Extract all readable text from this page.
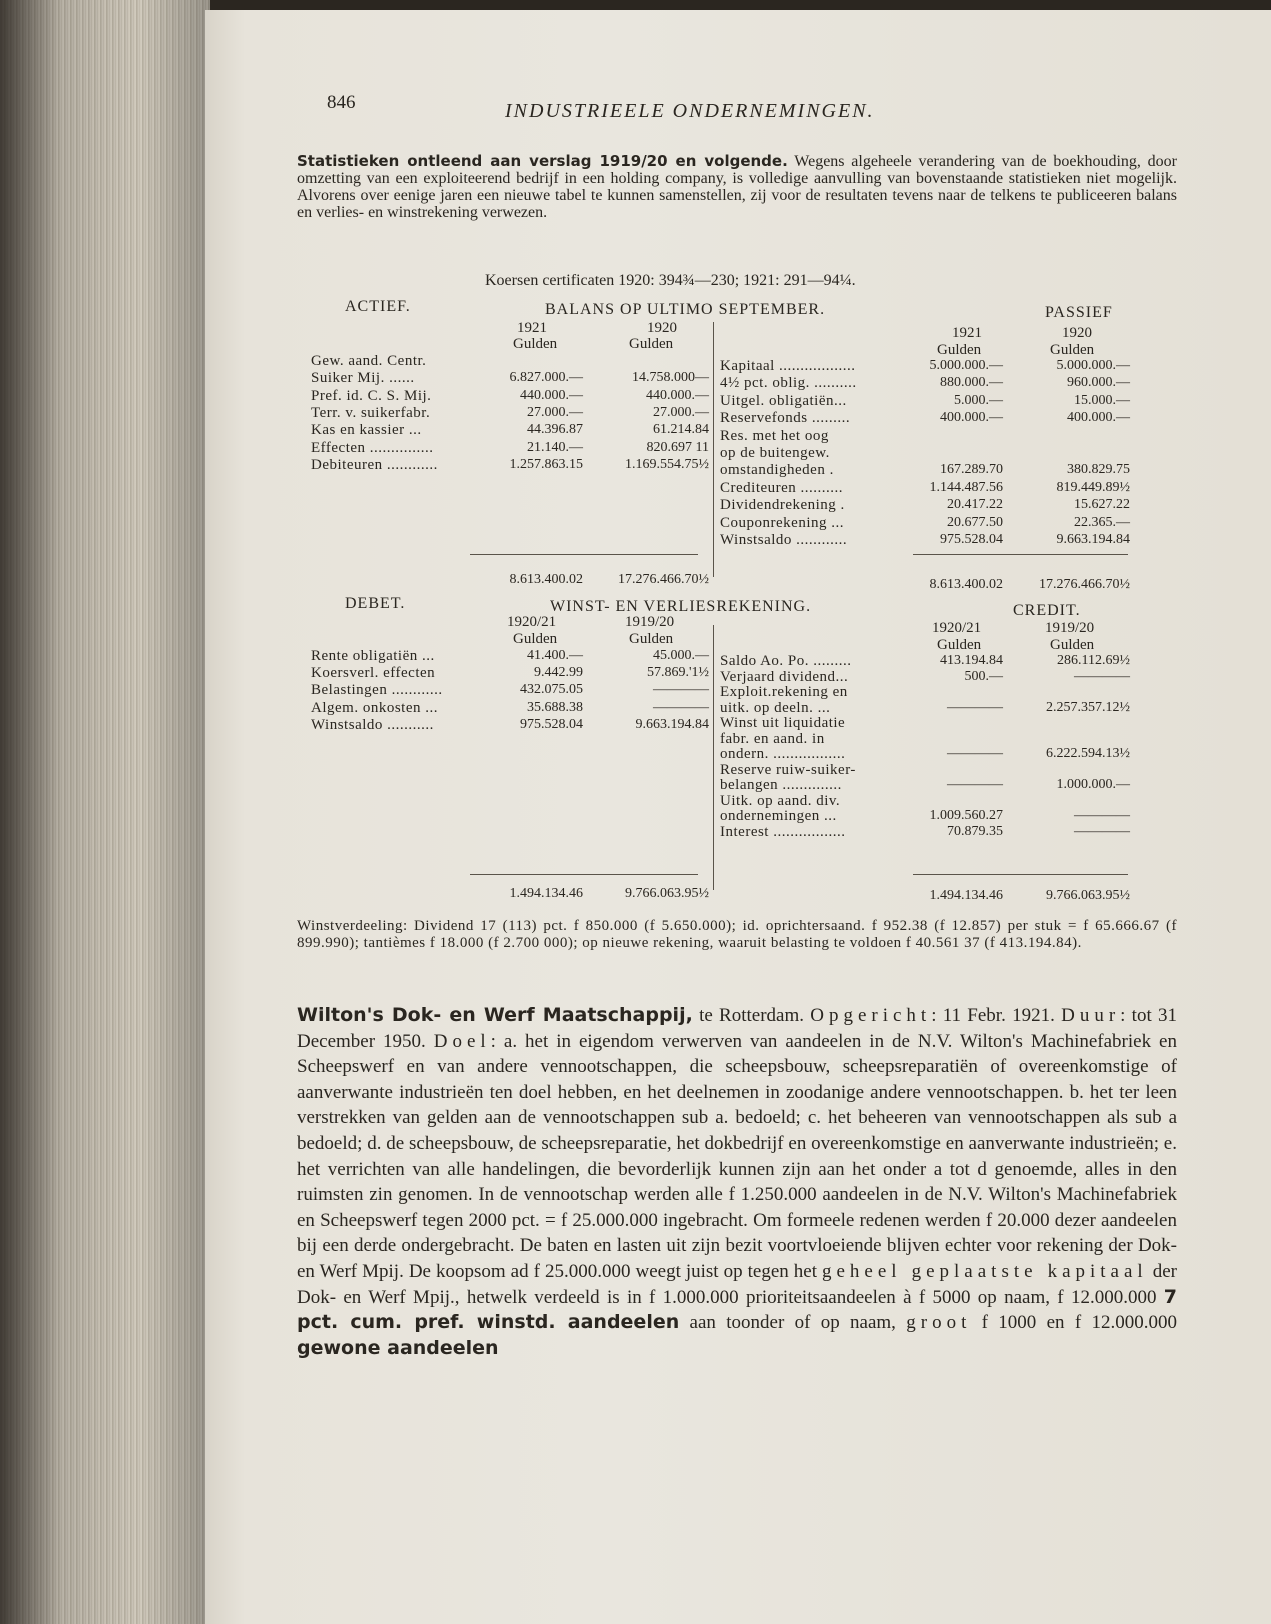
846	INDUSTRIEELE ONDERNEMINGEN.
Statistieken ontleend aan verslag 1919/20 en volgende. Wegens algeheele verandering van de boekhouding, door omzetting van een exploiteerend bedrijf in een holding company, is volledige aanvulling van bovenstaande statistieken niet mogelijk. Alvorens over eenige jaren een nieuwe tabel te kunnen samenstellen, zij voor de resultaten tevens naar de telkens te publiceeren balans en verlies- en winstrekening verwezen.
Koersen certificaten 1920: 394¾—230; 1921: 291—94¼.
ACTIEF.	BALANS OP ULTIMO SEPTEMBER.	PASSIEF
1921	1920
Gulden	Gulden
1921	1920
Gulden	Gulden
Gew. aand. Centr.
Suiker Mij. ......	6.827.000.—	14.758.000—
Pref. id. C. S. Mij.	440.000.—	440.000.—
Terr. v. suikerfabr.	27.000.—	27.000.—
Kas en kassier ...	44.396.87	61.214.84
Effecten ...............	21.140.—	820.697 11
Debiteuren ............	1.257.863.15	1.169.554.75½
Kapitaal ..................	5.000.000.—	5.000.000.—
4½ pct. oblig. ..........	880.000.—	960.000.—
Uitgel. obligatiën...	5.000.—	15.000.—
Reservefonds .........	400.000.—	400.000.—
Res. met het oog
op de buitengew.
omstandigheden .	167.289.70	380.829.75
Crediteuren ..........	1.144.487.56	819.449.89½
Dividendrekening .	20.417.22	15.627.22
Couponrekening ...	20.677.50	22.365.—
Winstsaldo ............	975.528.04	9.663.194.84
8.613.400.02	17.276.466.70½	8.613.400.02	17.276.466.70½
DEBET.	WINST- EN VERLIESREKENING.	CREDIT.
1920/21	1919/20
Gulden	Gulden
1920/21	1919/20
Gulden	Gulden
Rente obligatiën ...	41.400.—	45.000.—
Koersverl. effecten	9.442.99	57.869.'1½
Belastingen ............	432.075.05	————
Algem. onkosten ...	35.688.38	————
Winstsaldo ...........	975.528.04	9.663.194.84
Saldo Ao. Po. .........	413.194.84	286.112.69½
Verjaard dividend...	500.—	————
Exploit.rekening en
uitk. op deeln. ...	————	2.257.357.12½
Winst uit liquidatie
fabr. en aand. in
ondern. .................	————	6.222.594.13½
Reserve ruiw-suiker-
belangen ..............	————	1.000.000.—
Uitk. op aand. div.
ondernemingen ...	1.009.560.27	————
Interest .................	70.879.35	————
1.494.134.46	9.766.063.95½	1.494.134.46	9.766.063.95½
Winstverdeeling: Dividend 17 (113) pct. f 850.000 (f 5.650.000); id. oprichtersaand. f 952.38 (f 12.857) per stuk = f 65.666.67 (f 899.990); tantièmes f 18.000 (f 2.700 000); op nieuwe rekening, waaruit belasting te voldoen f 40.561 37 (f 413.194.84).
Wilton's Dok- en Werf Maatschappij, te Rotterdam. Opgericht: 11 Febr. 1921. Duur: tot 31 December 1950. Doel: a. het in eigendom verwerven van aandeelen in de N.V. Wilton's Machinefabriek en Scheepswerf en van andere vennootschappen, die scheepsbouw, scheepsreparatiën of overeenkomstige of aanverwante industrieën ten doel hebben, en het deelnemen in zoodanige andere vennootschappen. b. het ter leen verstrekken van gelden aan de vennootschappen sub a. bedoeld; c. het beheeren van vennootschappen als sub a bedoeld; d. de scheepsbouw, de scheepsreparatie, het dokbedrijf en overeenkomstige en aanverwante industrieën; e. het verrichten van alle handelingen, die bevorderlijk kunnen zijn aan het onder a tot d genoemde, alles in den ruimsten zin genomen. In de vennootschap werden alle f 1.250.000 aandeelen in de N.V. Wilton's Machinefabriek en Scheepswerf tegen 2000 pct. = f 25.000.000 ingebracht. Om formeele redenen werden f 20.000 dezer aandeelen bij een derde ondergebracht. De baten en lasten uit zijn bezit voortvloeiende blijven echter voor rekening der Dok- en Werf Mpij. De koopsom ad f 25.000.000 weegt juist op tegen het geheel geplaatste kapitaal der Dok- en Werf Mpij., hetwelk verdeeld is in f 1.000.000 prioriteitsaandeelen à f 5000 op naam, f 12.000.000 7 pct. cum. pref. winstd. aandeelen aan toonder of op naam, groot f 1000 en f 12.000.000 gewone aandeelen
